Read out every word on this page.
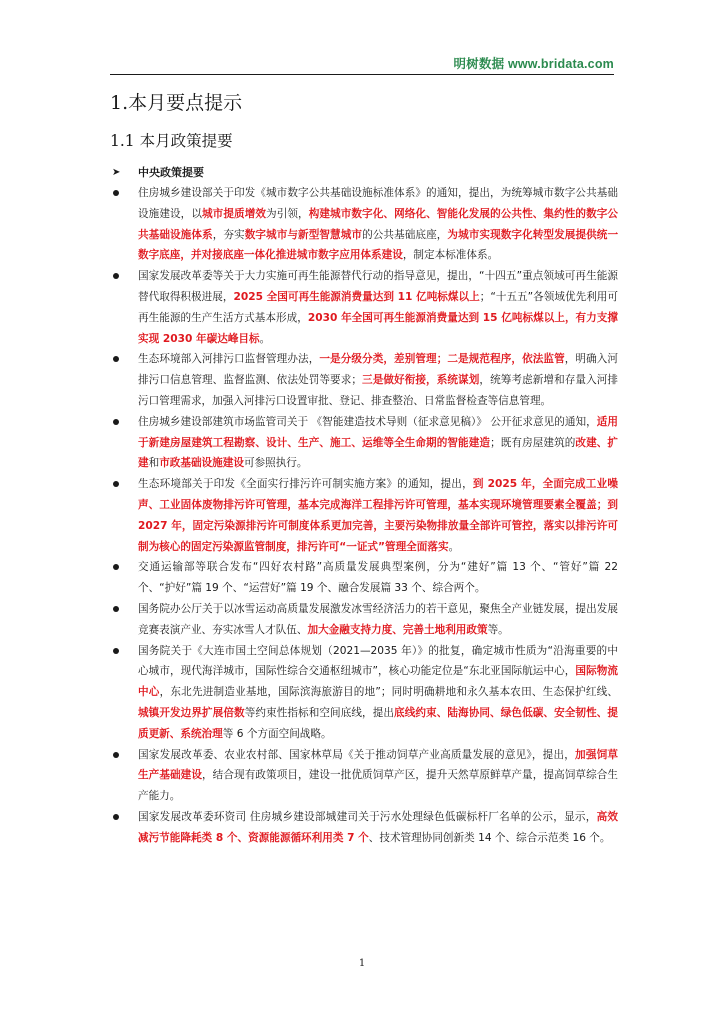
明树数据 www.bridata.com
1.本月要点提示
1.1 本月政策提要
➤ 中央政策提要
住房城乡建设部关于印发《城市数字公共基础设施标准体系》的通知，提出，为统筹城市数字公共基础设施建设，以城市提质增效为引领，构建城市数字化、网络化、智能化发展的公共性、集约性的数字公共基础设施体系，夯实数字城市与新型智慧城市的公共基础底座，为城市实现数字化转型发展提供统一数字底座，并对接底座一体化推进城市数字应用体系建设，制定本标准体系。
国家发展改革委等关于大力实施可再生能源替代行动的指导意见，提出，“十四五”重点领域可再生能源替代取得积极进展，2025 全国可再生能源消费量达到 11 亿吨标煤以上；“十五五”各领域优先利用可再生能源的生产生活方式基本形成，2030 年全国可再生能源消费量达到 15 亿吨标煤以上，有力支撑实现 2030 年碳达峰目标。
生态环境部入河排污口监督管理办法，一是分级分类，差别管理；二是规范程序，依法监管，明确入河排污口信息管理、监督监测、依法处罚等要求；三是做好衔接，系统谋划，统筹考虑新增和存量入河排污口管理需求，加强入河排污口设置审批、登记、排查整治、日常监督检查等信息管理。
住房城乡建设部建筑市场监管司关于 《智能建造技术导则（征求意见稿）》 公开征求意见的通知，适用于新建房屋建筑工程勘察、设计、生产、施工、运维等全生命期的智能建造；既有房屋建筑的改建、扩建和市政基础设施建设可参照执行。
生态环境部关于印发《全面实行排污许可制实施方案》的通知，提出，到 2025 年，全面完成工业噪声、工业固体废物排污许可管理，基本完成海洋工程排污许可管理，基本实现环境管理要素全覆盖；到 2027 年，固定污染源排污许可制度体系更加完善，主要污染物排放量全部许可管控，落实以排污许可制为核心的固定污染源监管制度，排污许可“一证式”管理全面落实。
交通运输部等联合发布“四好农村路”高质量发展典型案例，分为“建好”篇 13 个、“管好”篇 22 个、“护好”篇 19 个、“运营好”篇 19 个、融合发展篇 33 个、综合两个。
国务院办公厅关于以冰雪运动高质量发展激发冰雪经济活力的若干意见，聚焦全产业链发展，提出发展竞赛表演产业、夯实冰雪人才队伍、加大金融支持力度、完善土地利用政策等。
国务院关于《大连市国土空间总体规划（2021—2035 年）》的批复，确定城市性质为“沿海重要的中心城市，现代海洋城市，国际性综合交通枢纽城市”，核心功能定位是“东北亚国际航运中心，国际物流中心，东北先进制造业基地，国际滨海旅游目的地”；同时明确耕地和永久基本农田、生态保护红线、城镇开发边界扩展倍数等约束性指标和空间底线，提出底线约束、陆海协同、绿色低碳、安全韧性、提质更新、系统治理等 6 个方面空间战略。
国家发展改革委、农业农村部、国家林草局《关于推动饲草产业高质量发展的意见》，提出，加强饲草生产基础建设，结合现有政策项目，建设一批优质饲草产区，提升天然草原鲜草产量，提高饲草综合生产能力。
国家发展改革委环资司 住房城乡建设部城建司关于污水处理绿色低碳标杆厂名单的公示，显示，高效减污节能降耗类 8 个、资源能源循环利用类 7 个、技术管理协同创新类 14 个、综合示范类 16 个。
1
